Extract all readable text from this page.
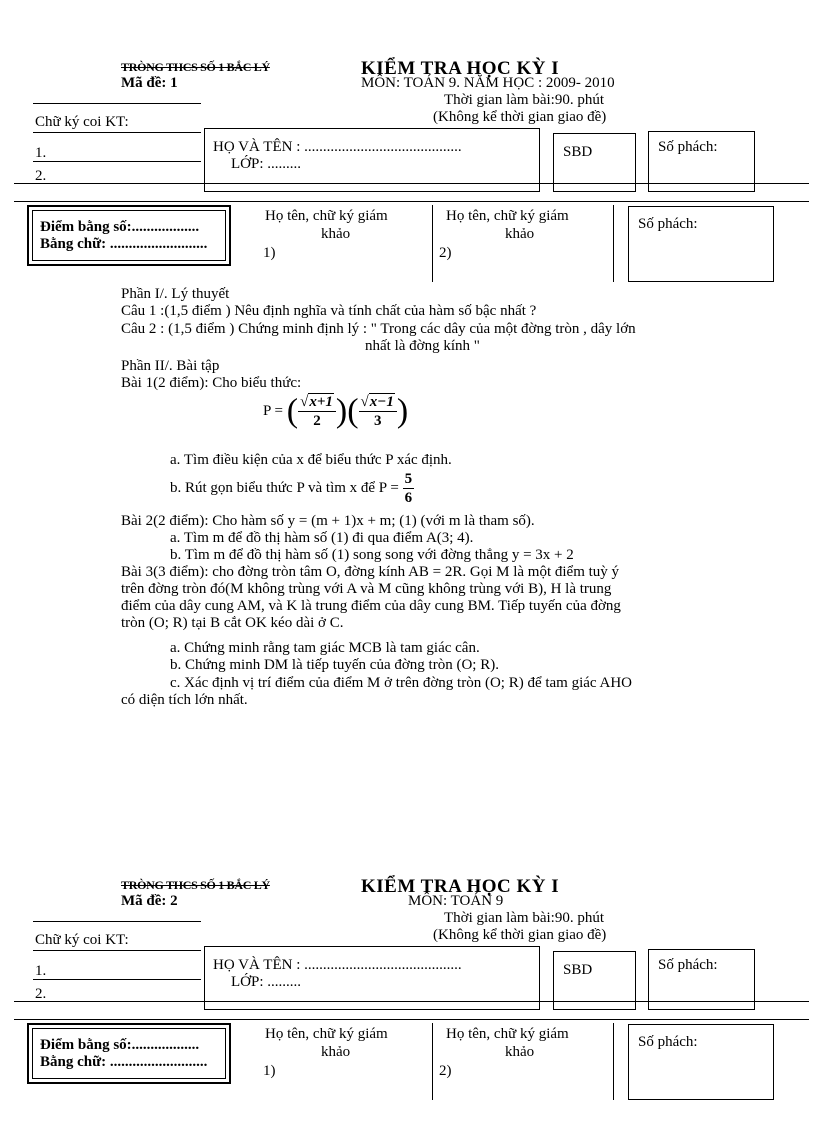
TRÒNG THCS SỐ 1 BẮC LÝ
Mã đề: 1
KIỂM TRA HỌC KỲ I
MÔN: TOÁN 9. NĂM HỌC : 2009- 2010
Thời gian làm bài:90. phút
(Không kể thời gian giao đề)
Chữ ký coi KT:
1.
2.
HỌ VÀ TÊN : ..........................................
LỚP: .........
SBD	Số phách:
Điểm bằng số:..................
Bằng chữ: ..........................
Họ tên, chữ ký giám
khảo
1)
Họ tên, chữ ký giám
khảo
2)
Số phách:
Phần I/. Lý thuyết
Câu 1 :(1,5 điểm ) Nêu định nghĩa và tính chất của hàm số bậc nhất ?
Câu 2 : (1,5 điểm ) Chứng minh định lý : " Trong các dây của một đờng tròn , dây lớn
nhất là đờng kính "
Phần II/. Bài tập
Bài 1(2 điểm): Cho biểu thức:
P = ( $\frac{√x+1}{2}$ )( $\frac{√x-1}{3}$ )
a. Tìm điều kiện của x để biểu thức P xác định.
b. Rút gọn biểu thức P và tìm x để $P = \frac{5}{6}$
Bài 2(2 điểm): Cho hàm số y = (m + 1)x + m; (1) (với m là tham số).
a. Tìm m để đồ thị hàm số (1) đi qua điểm A(3; 4).
b. Tìm m để đồ thị hàm số (1) song song với đờng thẳng y = 3x + 2
Bài 3(3 điểm): cho đờng tròn tâm O, đờng kính AB = 2R. Gọi M là một điểm tuỳ ý
trên đờng tròn đó(M không trùng với A và M cũng không trùng với B), H là trung
điểm của dây cung AM, và K là trung điểm của dây cung BM. Tiếp tuyến của đờng
tròn (O; R) tại B cắt OK kéo dài ở C.
a. Chứng minh rằng tam giác MCB là tam giác cân.
b. Chứng minh DM là tiếp tuyến của đờng tròn (O; R).
c. Xác định vị trí điểm của điểm M ở trên đờng tròn (O; R) để tam giác AHO
có diện tích lớn nhất.
TRÒNG THCS SỐ 1 BẮC LÝ
Mã đề: 2
KIỂM TRA HỌC KỲ I
MÔN: TOÁN 9
Thời gian làm bài:90. phút
(Không kể thời gian giao đề)
Chữ ký coi KT:
1.
2.
HỌ VÀ TÊN : ..........................................
LỚP: .........
SBD	Số phách:
Điểm bằng số:..................
Bằng chữ: ..........................
Họ tên, chữ ký giám
khảo
1)
Họ tên, chữ ký giám
khảo
2)
Số phách:
